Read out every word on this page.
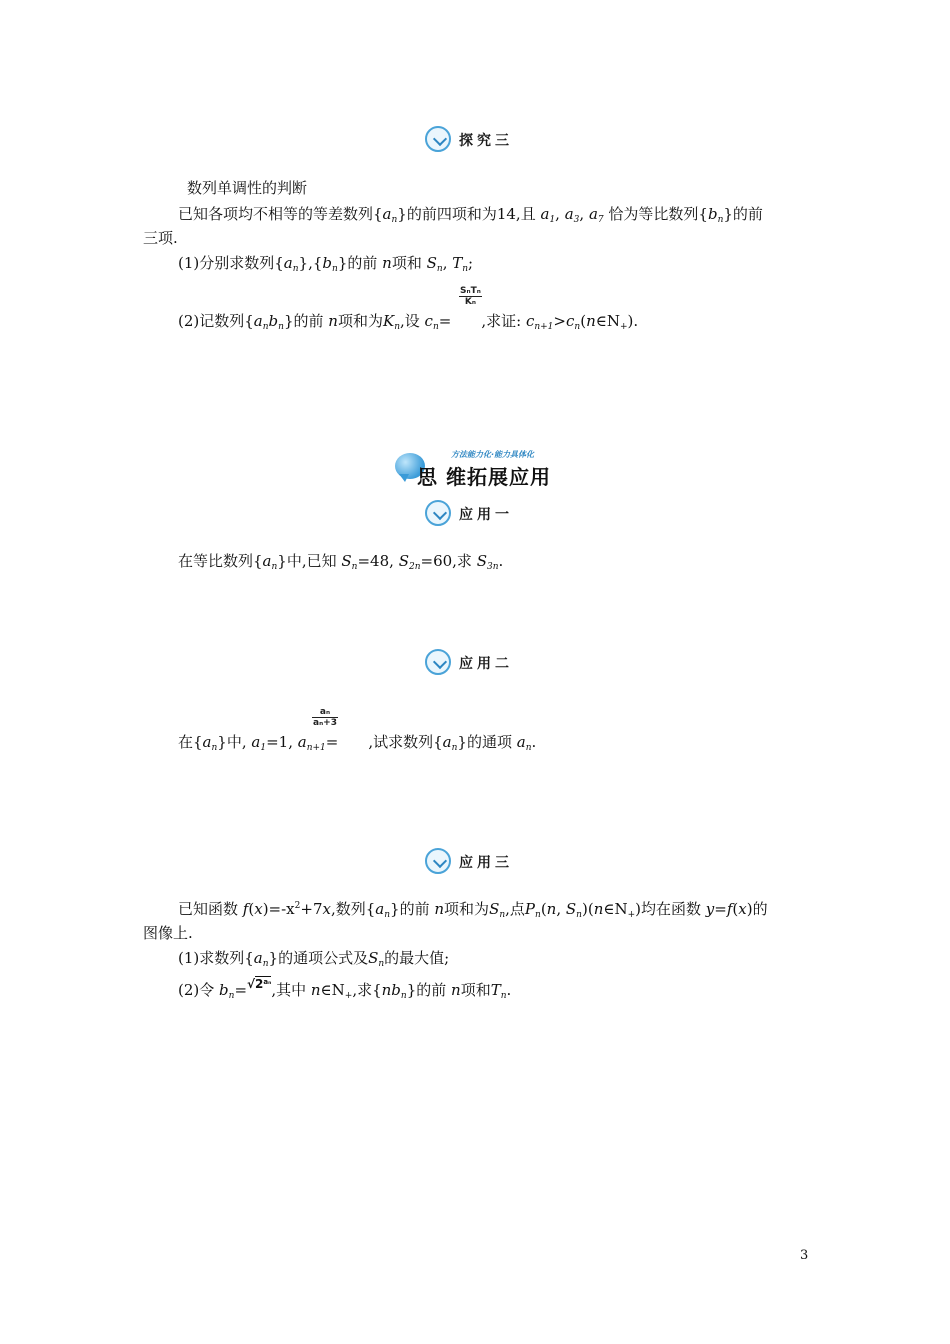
探究三
数列单调性的判断
已知各项均不相等的等差数列$\{a_n\}$的前四项和为14,且 $a_1$, $a_3$, $a_7$ 恰为等比数列$\{b_n\}$的前
三项.
(1)分别求数列$\{a_n\},\{b_n\}$的前 n项和 $S_n$, $T_n$;
SₙTₙ
Kₙ
(2)记数列$\{a_nb_n\}$的前 n项和为$K_n$,设 $c_n=$ ,求证: $c_{n+1}>c_n(n\in N_+)$.
方法能力化·能力具体化
思 维拓展应用
应用一
在等比数列$\{a_n\}$中,已知 $S_n=48$, $S_{2n}=60$,求 $S_{3n}$.
应用二
$\frac{\text{aₙ}}{\text{aₙ+3}}$
在$\{a_n\}$中, $a_1=1$, $a_{n+1}=$ ,试求数列$\{a_n\}$的通项 $a_n$.
应用三
已知函数 $f(x)=-x^2+7x$,数列$\{a_n\}$的前 n项和为$S_n$,点$P_n(n$, $S_n)(n\in N_+)$均在函数 y=f(x)的
图像上.
(1)求数列$\{a_n\}$的通项公式及$S_n$的最大值;
(2)令 $b_n=^{√2^{a_n}}$,其中 $n\in N_+$,求$\{nb_n\}$的前 n项和$T_n$.
3
